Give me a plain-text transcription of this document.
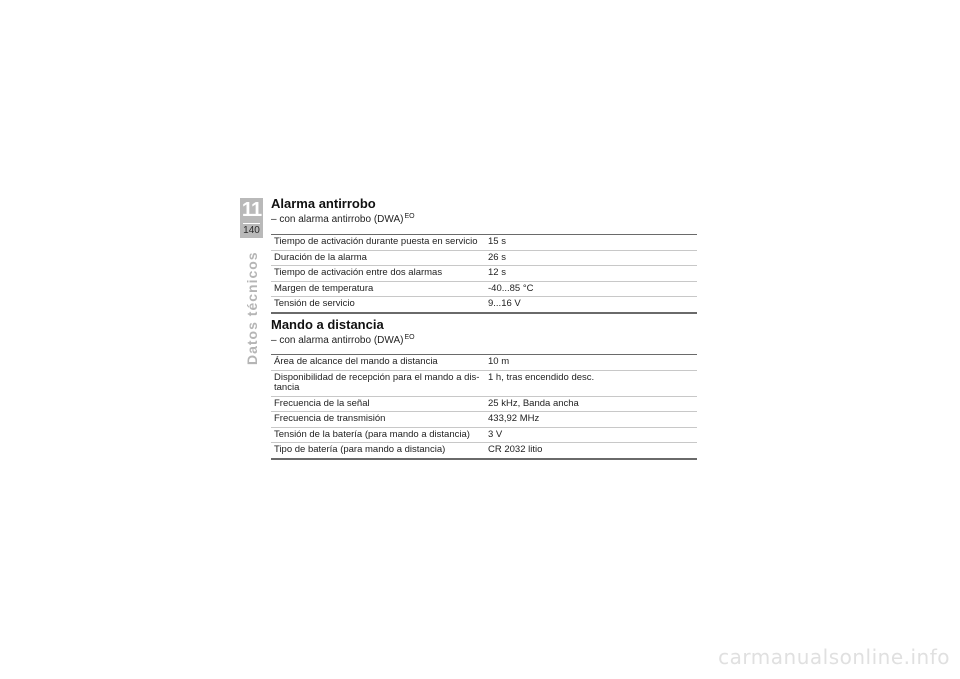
11
140
Datos técnicos
Alarma antirrobo
– con alarma antirrobo (DWA)$^{EO}$
Tiempo de activación durante puesta en servicio	15 s
Duración de la alarma	26 s
Tiempo de activación entre dos alarmas	12 s
Margen de temperatura	-40...85 °C
Tensión de servicio	9...16 V
Mando a distancia
– con alarma antirrobo (DWA)$^{EO}$
Área de alcance del mando a distancia	10 m
Disponibilidad de recepción para el mando a dis-
tancia	1 h, tras encendido desc.
Frecuencia de la señal	25 kHz, Banda ancha
Frecuencia de transmisión	433,92 MHz
Tensión de la batería (para mando a distancia)	3 V
Tipo de batería (para mando a distancia)	CR 2032 litio
carmanualsonline.info
